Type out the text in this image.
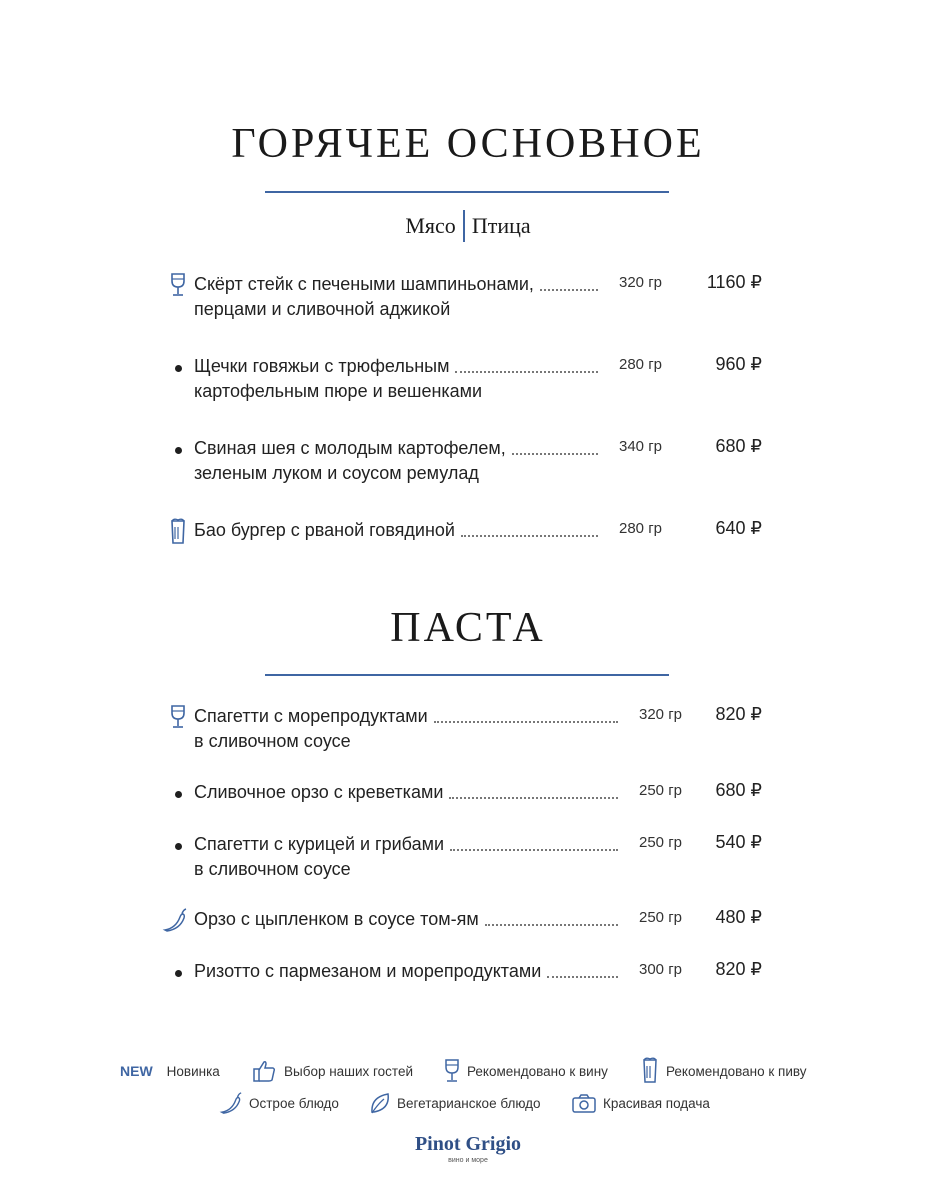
ГОРЯЧЕЕ ОСНОВНОЕ
Мясо Птица
Скёрт стейк с печеными шампиньонами,
перцами и сливочной аджикой
320 гр	1160 ₽
Щечки говяжьи с трюфельным
картофельным пюре и вешенками
280 гр	960 ₽
Свиная шея с молодым картофелем,
зеленым луком и соусом ремулад
340 гр	680 ₽
Бао бургер с рваной говядиной	280 гр	640 ₽
ПАСТА
Спагетти с морепродуктами
в сливочном соусе
320 гр	820 ₽
Сливочное орзо с креветками	250 гр	680 ₽
Спагетти с курицей и грибами
в сливочном соусе
250 гр	540 ₽
Орзо с цыпленком в соусе том-ям	250 гр	480 ₽
Ризотто с пармезаном и морепродуктами	300 гр	820 ₽
NEW Новинка	Выбор наших гостей	Рекомендовано к вину	Рекомендовано к пиву
Острое блюдо	Вегетарианское блюдо	Красивая подача
Pinot Grigio
вино и море
